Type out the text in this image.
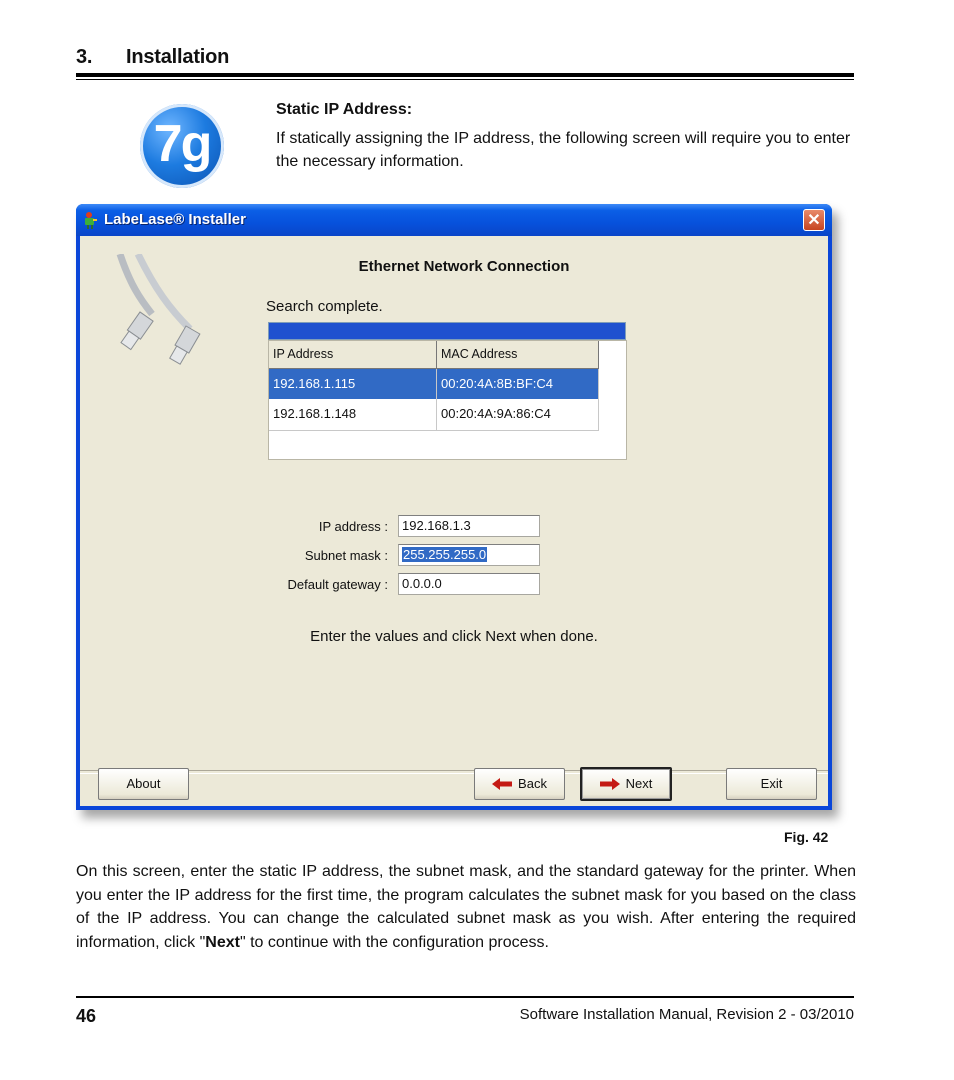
3. Installation
7g
Static IP Address:
If statically assigning the IP address, the following screen will require you to enter the necessary information.
LabeLase® Installer	✕
Ethernet Network Connection
Search complete.
IP Address	MAC Address
192.168.1.115	00:20:4A:8B:BF:C4
192.168.1.148	00:20:4A:9A:86:C4
IP address :	192.168.1.3
Subnet mask :	255.255.255.0
Default gateway :	0.0.0.0
Enter the values and click Next when done.
About	Back	Next	Exit
Fig. 42
On this screen, enter the static IP address, the subnet mask, and the standard gateway for the printer. When you enter the IP address for the first time, the program calculates the subnet mask for you based on the class of the IP address. You can change the calculated subnet mask as you wish. After entering the required information, click "Next" to continue with the configuration process.
46	Software Installation Manual, Revision 2 - 03/2010
